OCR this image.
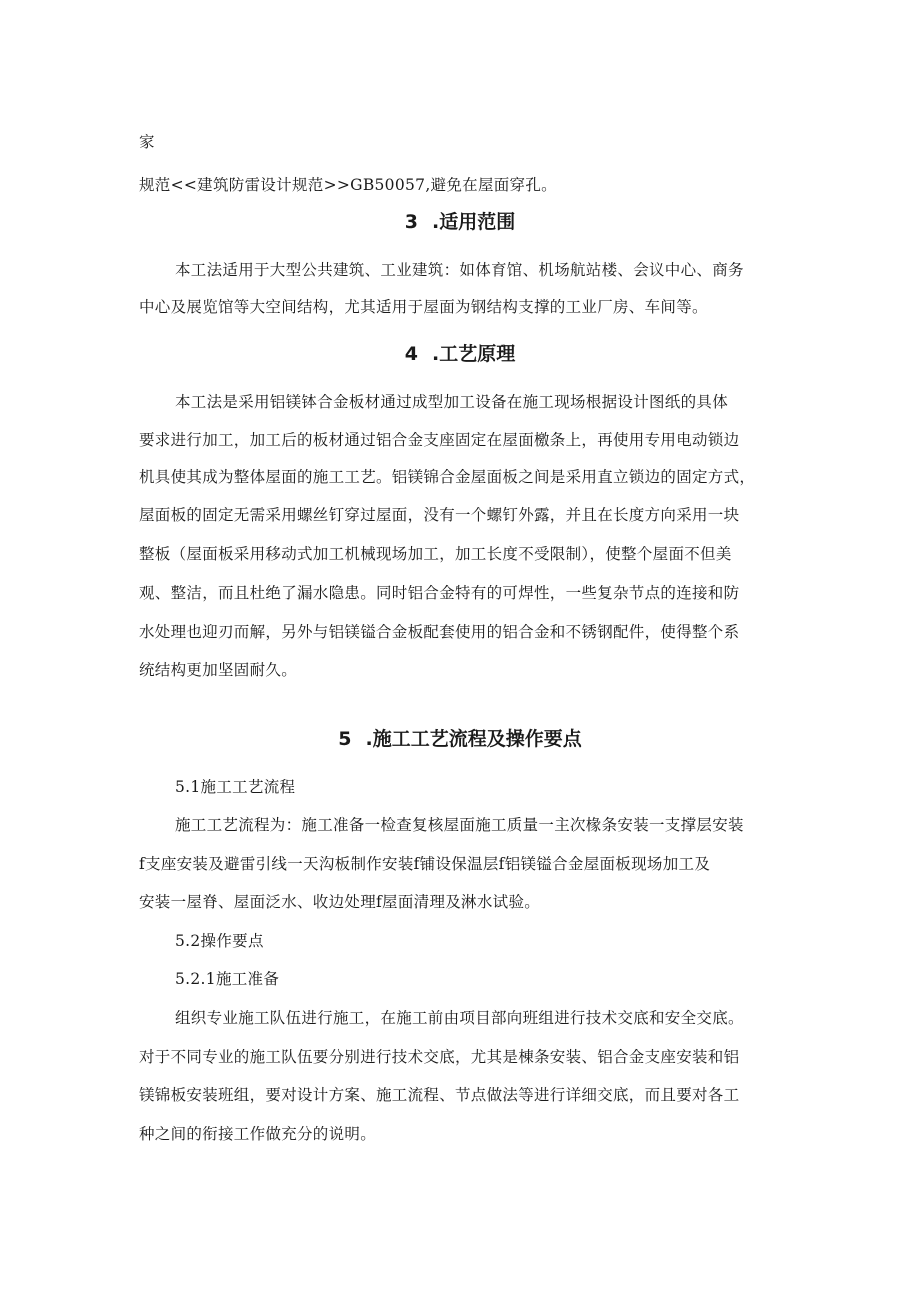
家
规范<<建筑防雷设计规范>>GB50057,避免在屋面穿孔。
3 .适用范围
本工法适用于大型公共建筑、工业建筑：如体育馆、机场航站楼、会议中心、商务
中心及展览馆等大空间结构，尤其适用于屋面为钢结构支撑的工业厂房、车间等。
4 .工艺原理
本工法是采用铝镁钵合金板材通过成型加工设备在施工现场根据设计图纸的具体
要求进行加工，加工后的板材通过铝合金支座固定在屋面檄条上，再使用专用电动锁边
机具使其成为整体屋面的施工工艺。铝镁锦合金屋面板之间是采用直立锁边的固定方式，
屋面板的固定无需采用螺丝钉穿过屋面，没有一个螺钉外露，并且在长度方向采用一块
整板（屋面板采用移动式加工机械现场加工，加工长度不受限制），使整个屋面不但美
观、整洁，而且杜绝了漏水隐患。同时铝合金特有的可焊性，一些复杂节点的连接和防
水处理也迎刃而解，另外与铝镁镒合金板配套使用的铝合金和不锈钢配件，使得整个系
统结构更加坚固耐久。
5 .施工工艺流程及操作要点
5.1施工工艺流程
施工工艺流程为：施工准备一检查复核屋面施工质量一主次椽条安装一支撑层安装
f支座安装及避雷引线一天沟板制作安装f铺设保温层f铝镁镒合金屋面板现场加工及
安装一屋脊、屋面泛水、收边处理f屋面清理及淋水试验。
5.2操作要点
5.2.1施工准备
组织专业施工队伍进行施工，在施工前由项目部向班组进行技术交底和安全交底。
对于不同专业的施工队伍要分别进行技术交底，尤其是棟条安装、铝合金支座安装和铝
镁锦板安装班组，要对设计方案、施工流程、节点做法等进行详细交底，而且要对各工
种之间的衔接工作做充分的说明。
